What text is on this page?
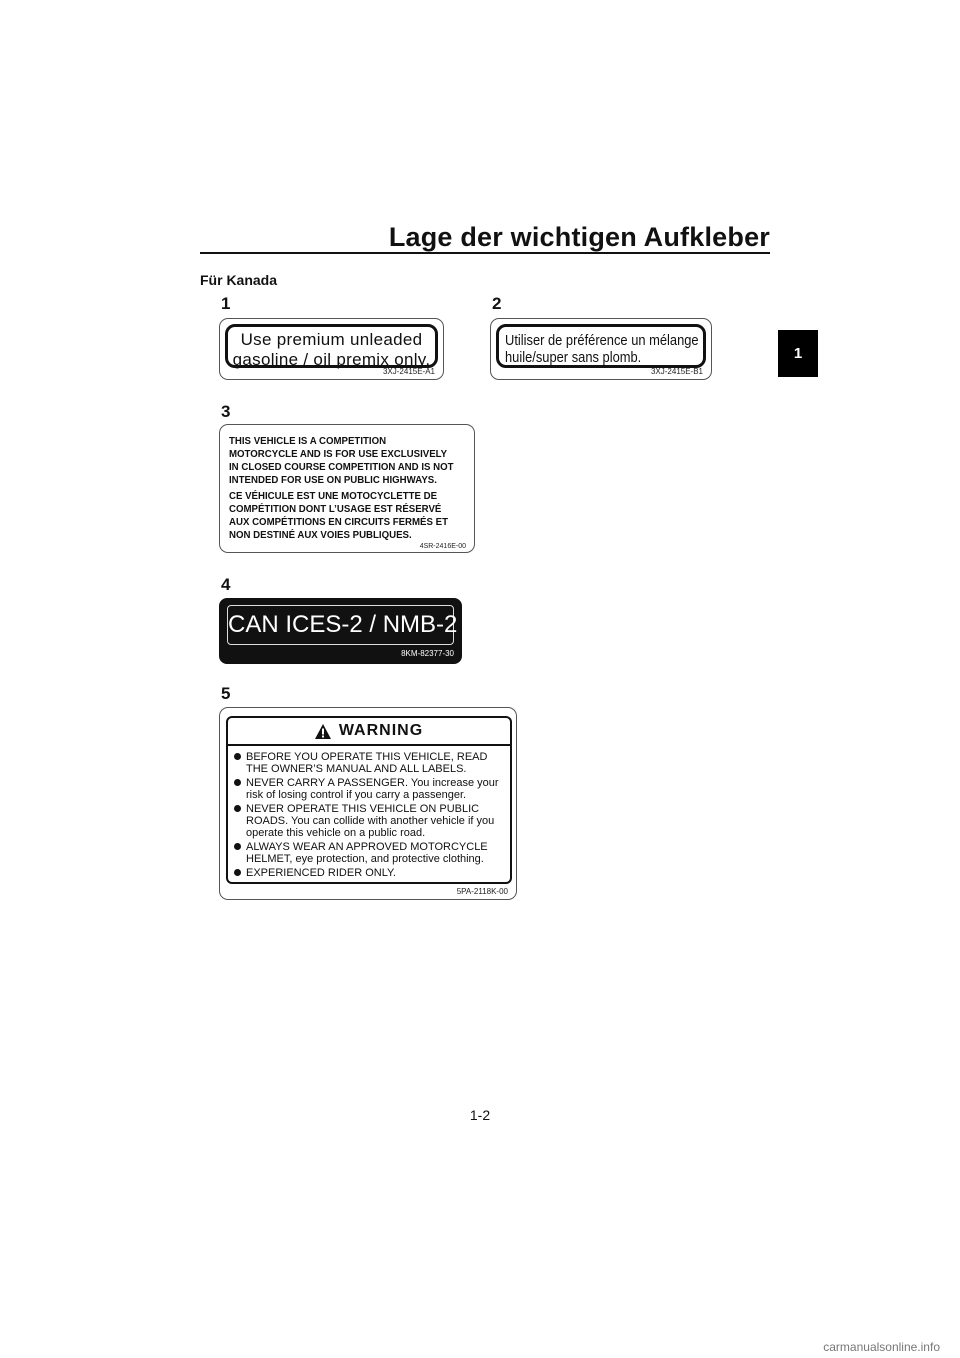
Lage der wichtigen Aufkleber
1
Für Kanada
1
Use premium unleaded
gasoline / oil premix only.
3XJ-2415E-A1
2
Utiliser de préférence un mélange
huile/super sans plomb.
3XJ-2415E-B1
3
THIS VEHICLE IS A COMPETITION
MOTORCYCLE AND IS FOR USE EXCLUSIVELY
IN CLOSED COURSE COMPETITION AND IS NOT
INTENDED FOR USE ON PUBLIC HIGHWAYS.
CE VÉHICULE EST UNE MOTOCYCLETTE DE
COMPÉTITION DONT L’USAGE EST RÉSERVÉ
AUX COMPÉTITIONS EN CIRCUITS FERMÉS ET
NON DESTINÉ AUX VOIES PUBLIQUES.
4SR-2416E-00
4
CAN ICES-2 / NMB-2
8KM-82377-30
5
WARNING
BEFORE YOU OPERATE THIS VEHICLE, READ THE OWNER’S MANUAL AND ALL LABELS.
NEVER CARRY A PASSENGER. You increase your risk of losing control if you carry a passenger.
NEVER OPERATE THIS VEHICLE ON PUBLIC ROADS. You can collide with another vehicle if you operate this vehicle on a public road.
ALWAYS WEAR AN APPROVED MOTORCYCLE HELMET, eye protection, and protective clothing.
EXPERIENCED RIDER ONLY.
5PA-2118K-00
1-2
carmanualsonline.info
